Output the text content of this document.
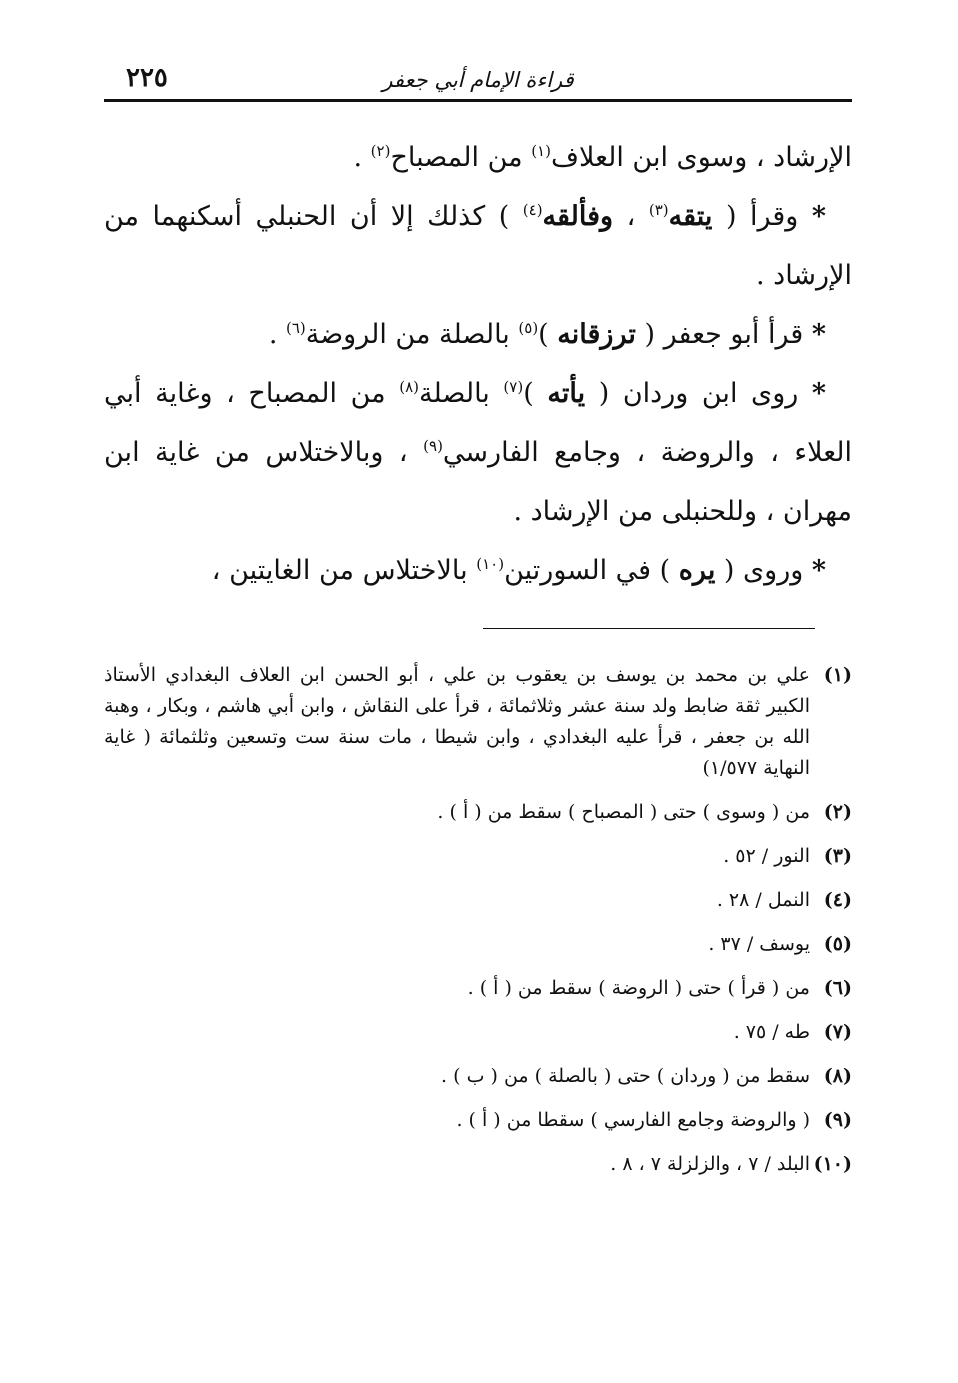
قراءة الإمام أبي جعفر
٢٢٥

الإرشاد ، وسوى ابن العلاف$^{(١)}$ من المصباح$^{(٢)}$ .

* وقرأ ( يتقه$^{(٣)}$ ، وفألقه$^{(٤)}$ ) كذلك إلا أن الحنبلي أسكنهما من الإرشاد .

* قرأ أبو جعفر ( ترزقانه )$^{(٥)}$ بالصلة من الروضة$^{(٦)}$ .

* روى ابن وردان ( يأته )$^{(٧)}$ بالصلة$^{(٨)}$ من المصباح ، وغاية أبي العلاء ، والروضة ، وجامع الفارسي$^{(٩)}$ ، وبالاختلاس من غاية ابن مهران ، وللحنبلى من الإرشاد .

* وروى ( يره ) في السورتين$^{(١٠)}$ بالاختلاس من الغايتين ،

(١)
علي بن محمد بن يوسف بن يعقوب بن علي ، أبو الحسن ابن العلاف البغدادي الأستاذ الكبير ثقة ضابط ولد سنة عشر وثلاثمائة ، قرأ على النقاش ، وابن أبي هاشم ، وبكار ، وهبة الله بن جعفر ، قرأ عليه البغدادي ، وابن شيطا ، مات سنة ست وتسعين وثلثمائة ( غاية النهاية ١/٥٧٧)
(٢)
من ( وسوى ) حتى ( المصباح ) سقط من ( أ ) .
(٣)
النور / ٥٢ .
(٤)
النمل / ٢٨ .
(٥)
يوسف / ٣٧ .
(٦)
من ( قرأ ) حتى ( الروضة ) سقط من ( أ ) .
(٧)
طه / ٧٥ .
(٨)
سقط من ( وردان ) حتى ( بالصلة ) من ( ب ) .
(٩)
( والروضة وجامع الفارسي ) سقطا من ( أ ) .
(١٠)
البلد / ٧ ، والزلزلة ٧ ، ٨ .
